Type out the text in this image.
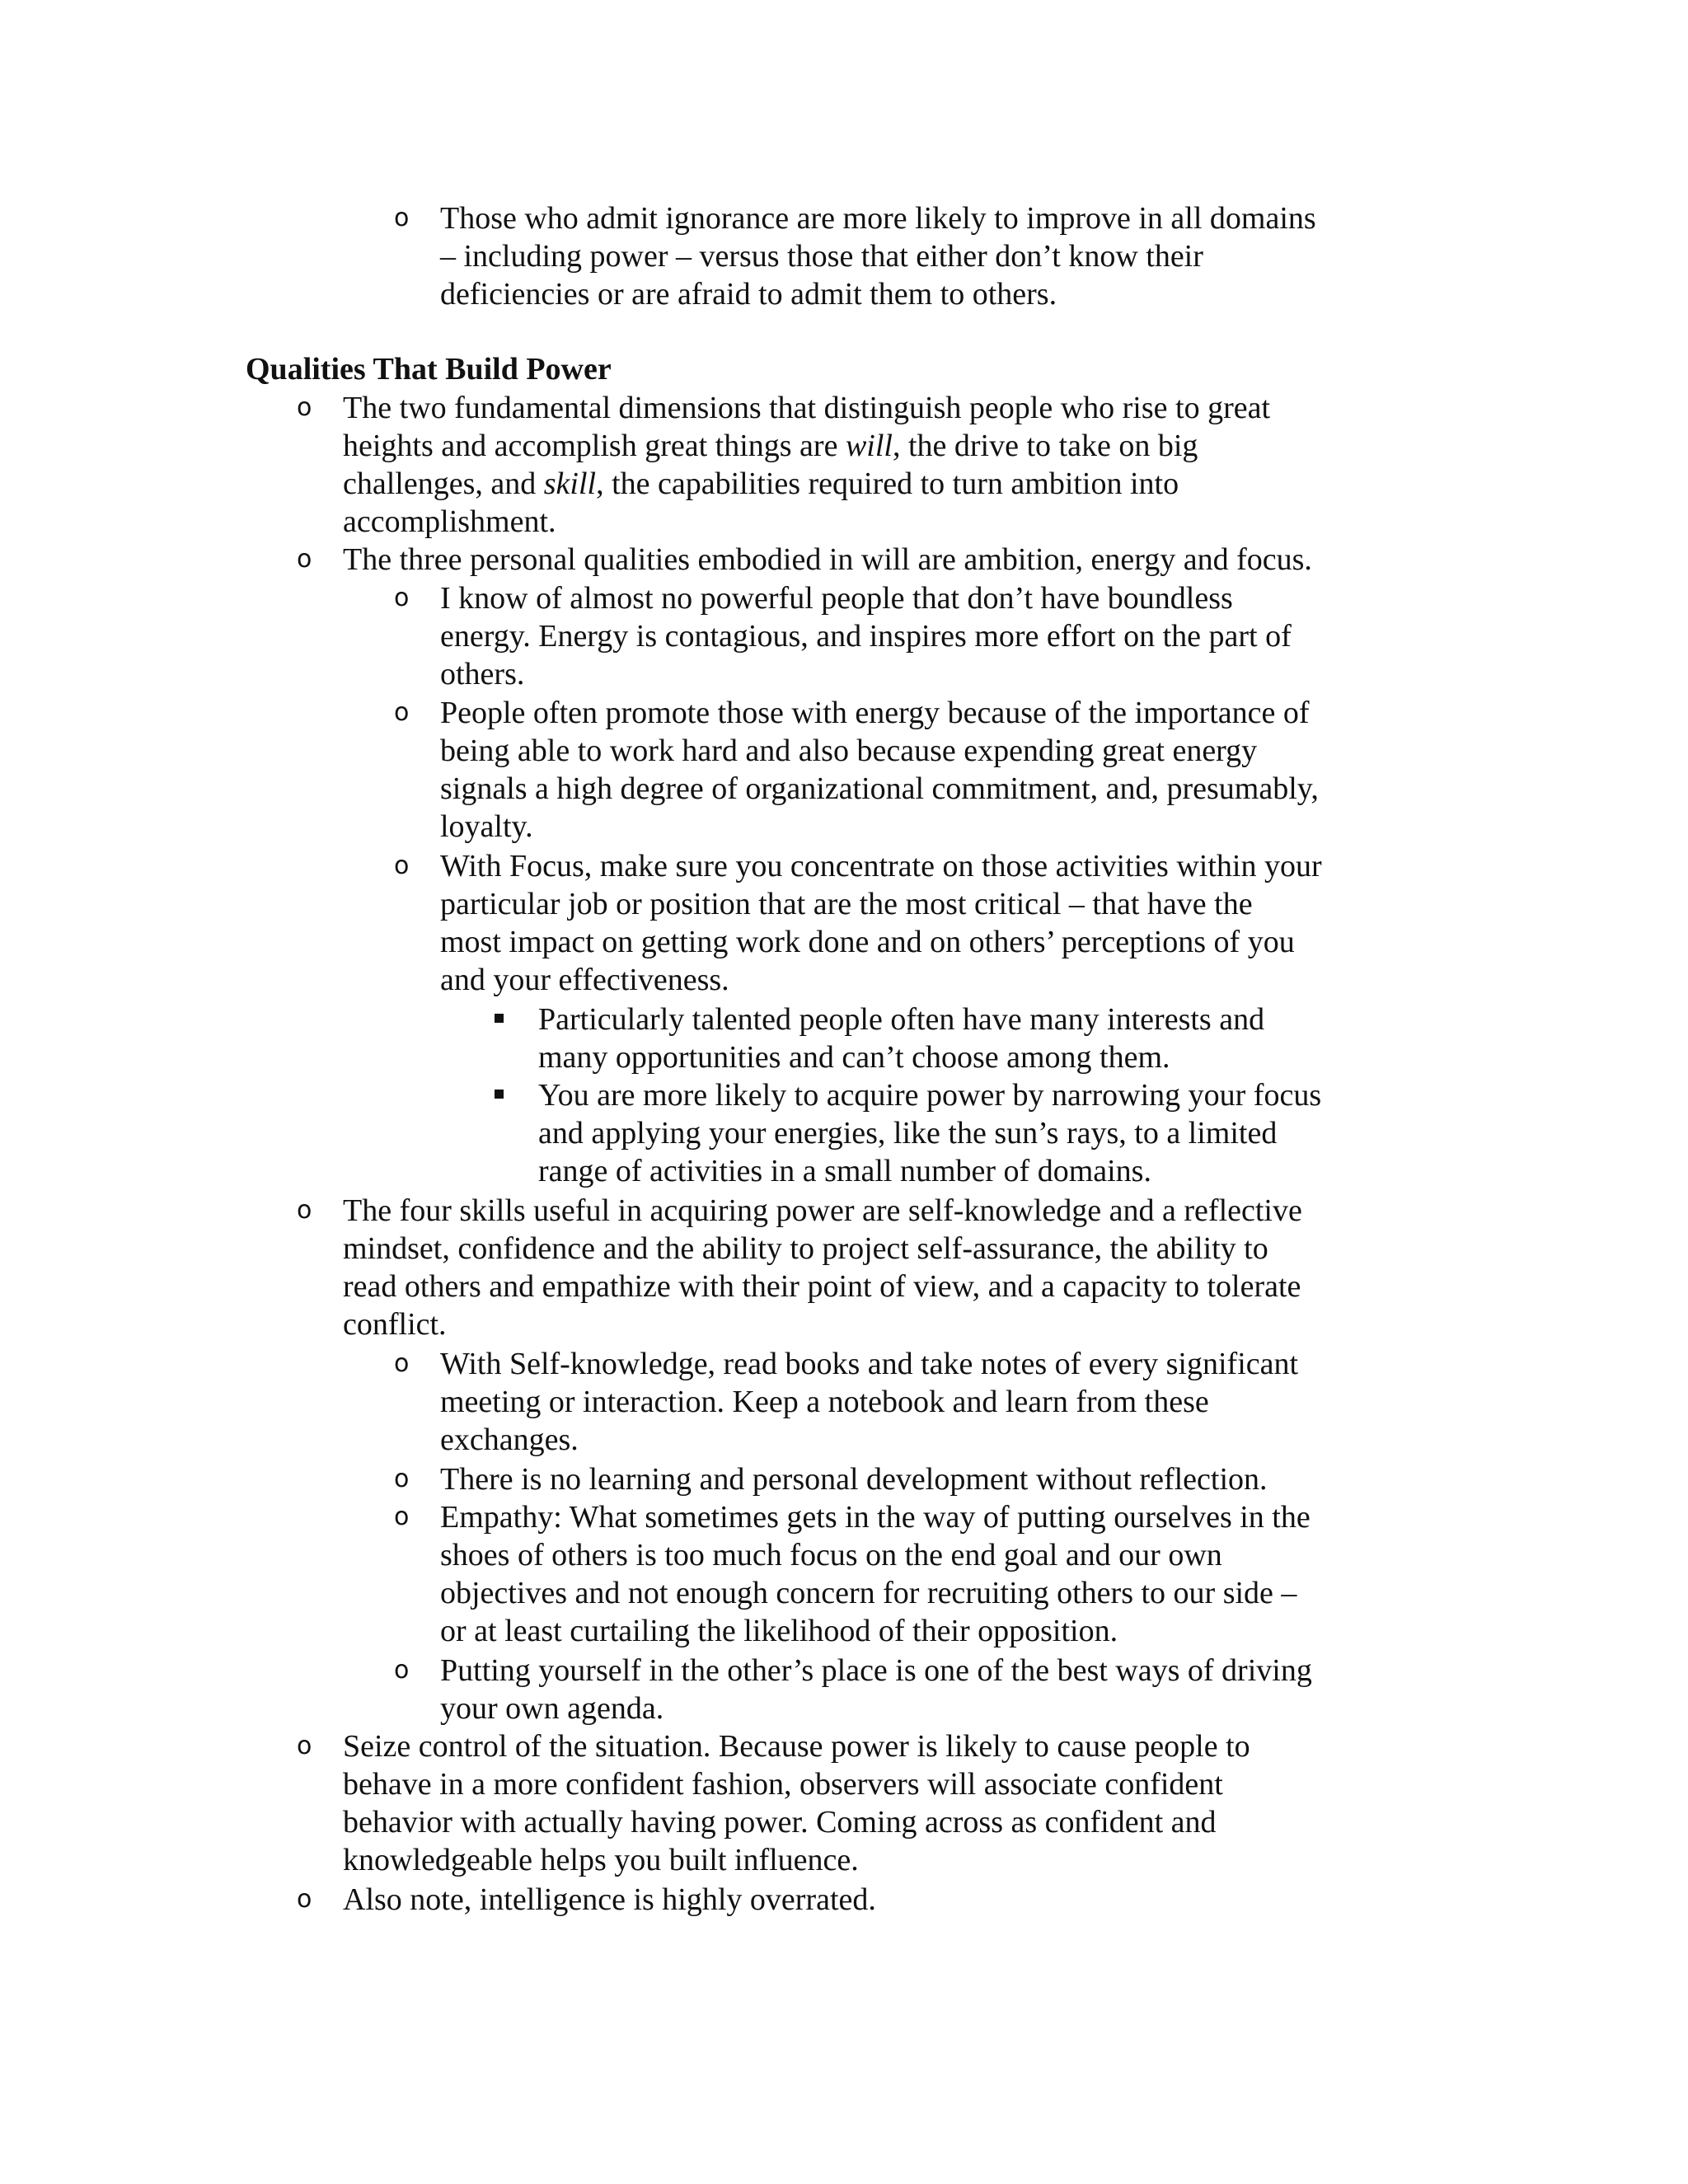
o Those who admit ignorance are more likely to improve in all domains
– including power – versus those that either don’t know their
deficiencies or are afraid to admit them to others.
Qualities That Build Power
o The two fundamental dimensions that distinguish people who rise to great
heights and accomplish great things are will, the drive to take on big
challenges, and skill, the capabilities required to turn ambition into
accomplishment.
o The three personal qualities embodied in will are ambition, energy and focus.
o I know of almost no powerful people that don’t have boundless
energy. Energy is contagious, and inspires more effort on the part of
others.
o People often promote those with energy because of the importance of
being able to work hard and also because expending great energy
signals a high degree of organizational commitment, and, presumably,
loyalty.
o With Focus, make sure you concentrate on those activities within your
particular job or position that are the most critical – that have the
most impact on getting work done and on others’ perceptions of you
and your effectiveness.
Particularly talented people often have many interests and
many opportunities and can’t choose among them.
You are more likely to acquire power by narrowing your focus
and applying your energies, like the sun’s rays, to a limited
range of activities in a small number of domains.
o The four skills useful in acquiring power are self-knowledge and a reflective
mindset, confidence and the ability to project self-assurance, the ability to
read others and empathize with their point of view, and a capacity to tolerate
conflict.
o With Self-knowledge, read books and take notes of every significant
meeting or interaction. Keep a notebook and learn from these
exchanges.
o There is no learning and personal development without reflection.
o Empathy: What sometimes gets in the way of putting ourselves in the
shoes of others is too much focus on the end goal and our own
objectives and not enough concern for recruiting others to our side –
or at least curtailing the likelihood of their opposition.
o Putting yourself in the other’s place is one of the best ways of driving
your own agenda.
o Seize control of the situation. Because power is likely to cause people to
behave in a more confident fashion, observers will associate confident
behavior with actually having power. Coming across as confident and
knowledgeable helps you built influence.
o Also note, intelligence is highly overrated.
